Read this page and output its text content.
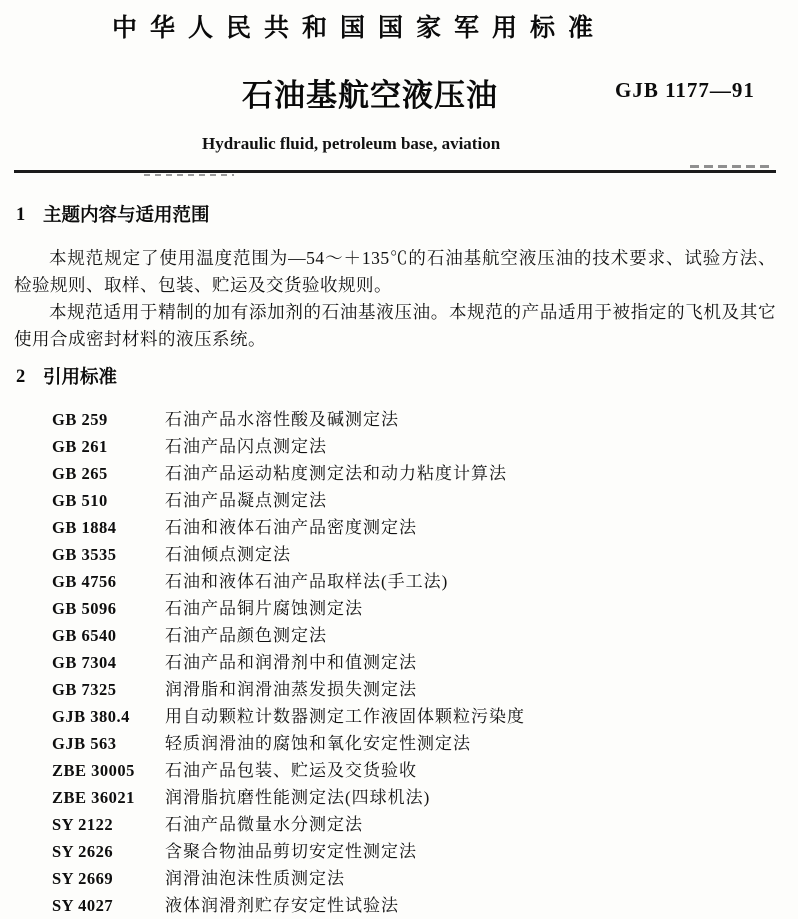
中华人民共和国国家军用标准
石油基航空液压油	GJB 1177—91
Hydraulic fluid, petroleum base, aviation
1 主题内容与适用范围

本规范规定了使用温度范围为—54～＋135℃的石油基航空液压油的技术要求、试验方法、检验规则、取样、包装、贮运及交货验收规则。

本规范适用于精制的加有添加剂的石油基液压油。本规范的产品适用于被指定的飞机及其它使用合成密封材料的液压系统。

2 引用标准
GB 259	石油产品水溶性酸及碱测定法
GB 261	石油产品闪点测定法
GB 265	石油产品运动粘度测定法和动力粘度计算法
GB 510	石油产品凝点测定法
GB 1884	石油和液体石油产品密度测定法
GB 3535	石油倾点测定法
GB 4756	石油和液体石油产品取样法(手工法)
GB 5096	石油产品铜片腐蚀测定法
GB 6540	石油产品颜色测定法
GB 7304	石油产品和润滑剂中和值测定法
GB 7325	润滑脂和润滑油蒸发损失测定法
GJB 380.4	用自动颗粒计数器测定工作液固体颗粒污染度
GJB 563	轻质润滑油的腐蚀和氧化安定性测定法
ZBE 30005	石油产品包装、贮运及交货验收
ZBE 36021	润滑脂抗磨性能测定法(四球机法)
SY 2122	石油产品微量水分测定法
SY 2626	含聚合物油品剪切安定性测定法
SY 2669	润滑油泡沫性质测定法
SY 4027	液体润滑剂贮存安定性试验法
